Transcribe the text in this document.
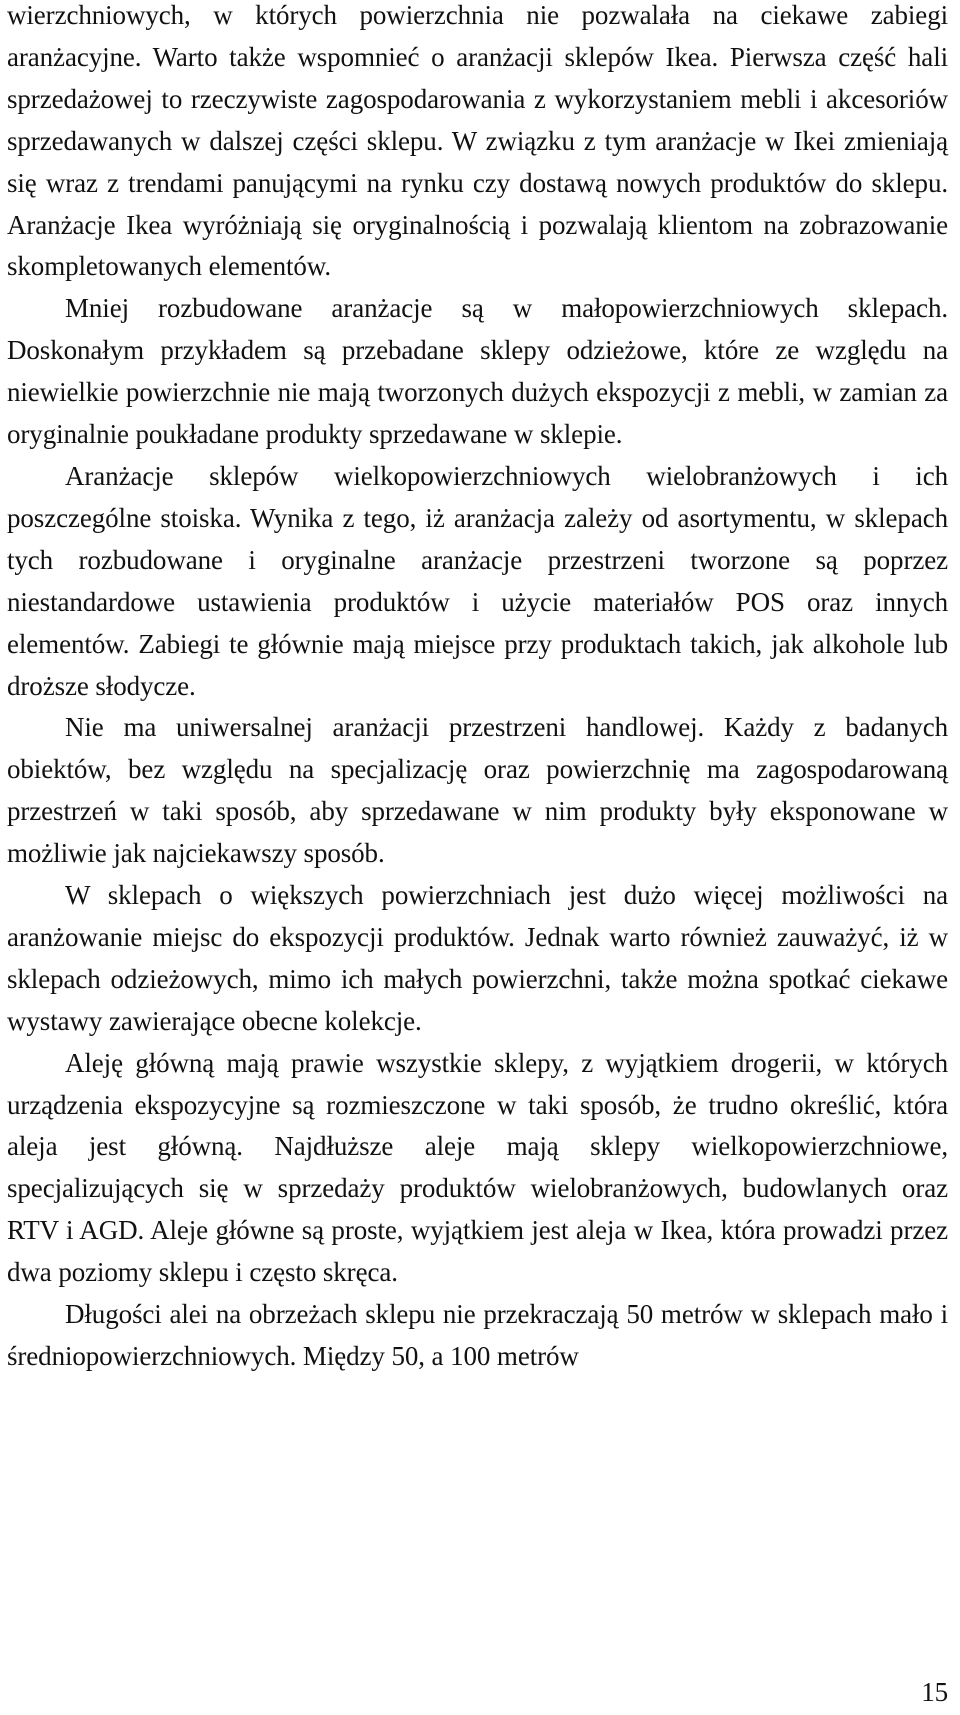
wierzchniowych, w których powierzchnia nie pozwalała na ciekawe zabiegi aranżacyjne. Warto także wspomnieć o aranżacji sklepów Ikea. Pierwsza część hali sprzedażowej to rzeczywiste zagospodarowania z wykorzystaniem mebli i akcesoriów sprzedawanych w dalszej części sklepu. W związku z tym aranżacje w Ikei zmieniają się wraz z trendami panującymi na rynku czy dostawą nowych produktów do sklepu. Aranżacje Ikea wyróżniają się oryginalnością i pozwalają klientom na zobrazowanie skompletowanych elementów.

Mniej rozbudowane aranżacje są w małopowierzchniowych sklepach. Doskonałym przykładem są przebadane sklepy odzieżowe, które ze względu na niewielkie powierzchnie nie mają tworzonych dużych ekspozycji z mebli, w zamian za oryginalnie poukładane produkty sprzedawane w sklepie.

Aranżacje sklepów wielkopowierzchniowych wielobranżowych i ich poszczególne stoiska. Wynika z tego, iż aranżacja zależy od asortymentu, w sklepach tych rozbudowane i oryginalne aranżacje przestrzeni tworzone są poprzez niestandardowe ustawienia produktów i użycie materiałów POS oraz innych elementów. Zabiegi te głównie mają miejsce przy produktach takich, jak alkohole lub droższe słodycze.

Nie ma uniwersalnej aranżacji przestrzeni handlowej. Każdy z badanych obiektów, bez względu na specjalizację oraz powierzchnię ma zagospodarowaną przestrzeń w taki sposób, aby sprzedawane w nim produkty były eksponowane w możliwie jak najciekawszy sposób.

W sklepach o większych powierzchniach jest dużo więcej możliwości na aranżowanie miejsc do ekspozycji produktów. Jednak warto również zauważyć, iż w sklepach odzieżowych, mimo ich małych powierzchni, także można spotkać ciekawe wystawy zawierające obecne kolekcje.

Aleję główną mają prawie wszystkie sklepy, z wyjątkiem drogerii, w których urządzenia ekspozycyjne są rozmieszczone w taki sposób, że trudno określić, która aleja jest główną. Najdłuższe aleje mają sklepy wielkopowierzchniowe, specjalizujących się w sprzedaży produktów wielobranżowych, budowlanych oraz RTV i AGD. Aleje główne są proste, wyjątkiem jest aleja w Ikea, która prowadzi przez dwa poziomy sklepu i często skręca.

Długości alei na obrzeżach sklepu nie przekraczają 50 metrów w sklepach mało i średniopowierzchniowych. Między 50, a 100 metrów

15
